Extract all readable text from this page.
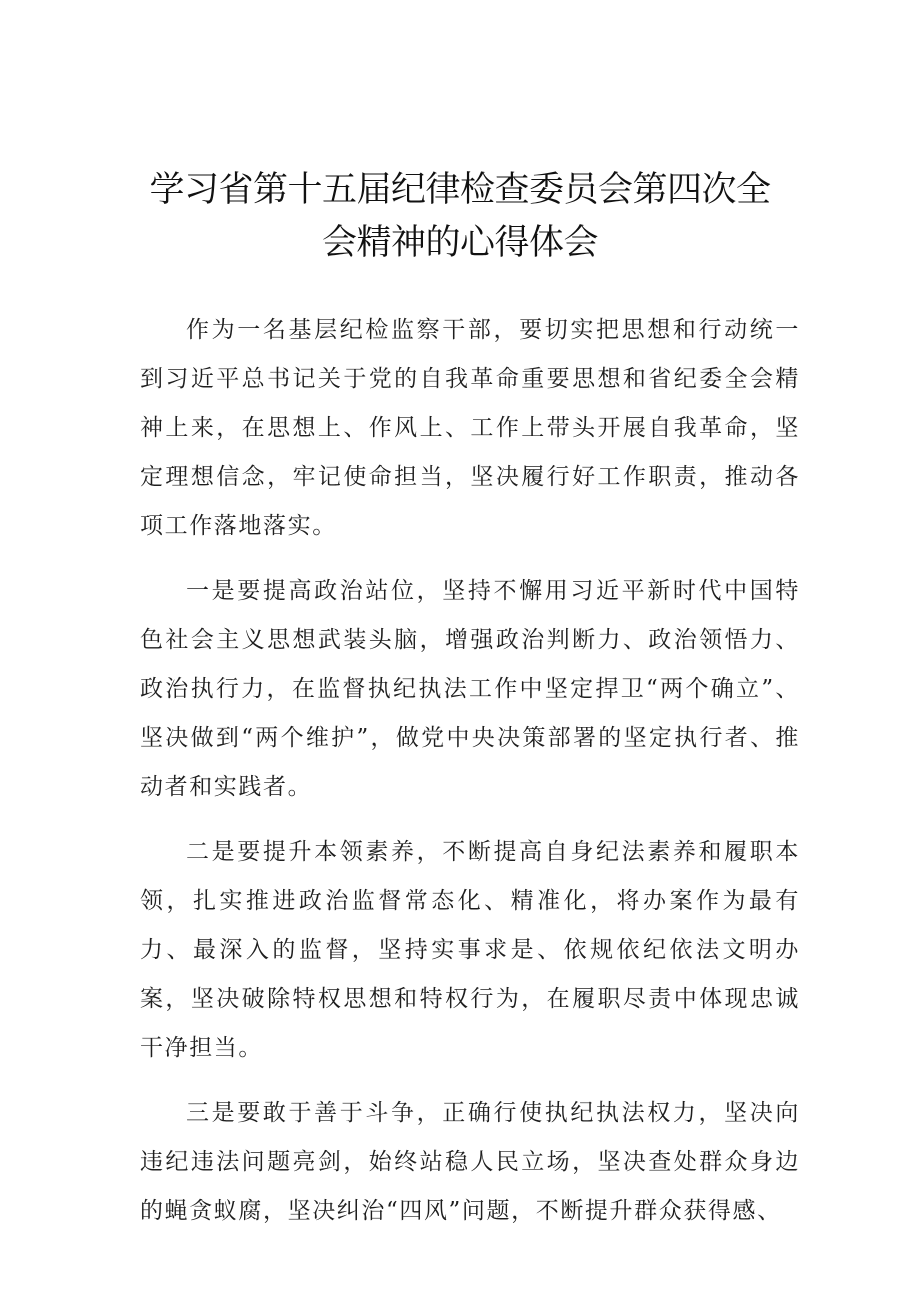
学习省第十五届纪律检查委员会第四次全
会精神的心得体会

作为一名基层纪检监察干部，要切实把思想和行动统一到习近平总书记关于党的自我革命重要思想和省纪委全会精神上来，在思想上、作风上、工作上带头开展自我革命，坚定理想信念，牢记使命担当，坚决履行好工作职责，推动各项工作落地落实。

一是要提高政治站位，坚持不懈用习近平新时代中国特色社会主义思想武装头脑，增强政治判断力、政治领悟力、政治执行力，在监督执纪执法工作中坚定捍卫“两个确立”、坚决做到“两个维护”，做党中央决策部署的坚定执行者、推动者和实践者。

二是要提升本领素养，不断提高自身纪法素养和履职本领，扎实推进政治监督常态化、精准化，将办案作为最有力、最深入的监督，坚持实事求是、依规依纪依法文明办案，坚决破除特权思想和特权行为，在履职尽责中体现忠诚干净担当。

三是要敢于善于斗争，正确行使执纪执法权力，坚决向违纪违法问题亮剑，始终站稳人民立场，坚决查处群众身边的蝇贪蚁腐，坚决纠治“四风”问题，不断提升群众获得感、
